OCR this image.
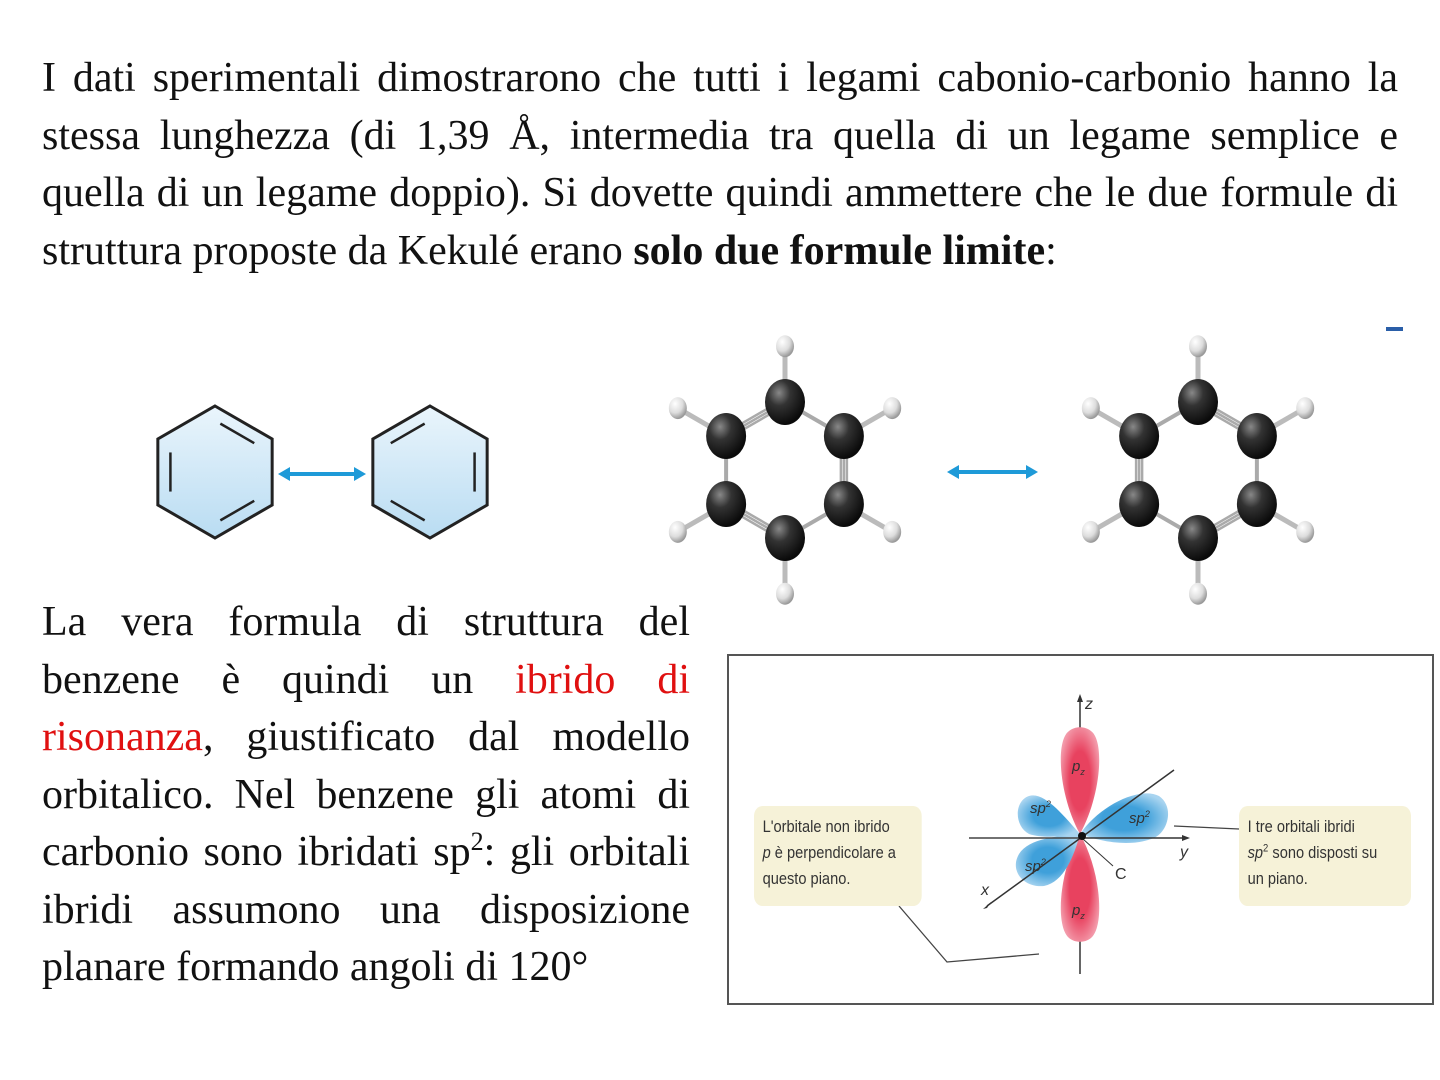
I dati sperimentali dimostrarono che tutti i legami cabonio-carbonio hanno la stessa lunghezza (di 1,39 Å, intermedia tra quella di un legame semplice e quella di un legame doppio). Si dovette quindi ammettere che le due formule di struttura proposte da Kekulé erano solo due formule limite:
La vera formula di struttura del benzene è quindi un ibrido di risonanza, giustificato dal modello orbitalico. Nel benzene gli atomi di carbonio sono ibridati $sp^2$: gli orbitali ibridi assumono una disposizione planare formando angoli di 120°
z
y
x
C
$p_z$
$p_z$
$sp^2$
$sp^2$
$sp^2$
L'orbitale non ibrido
p è perpendicolare a
questo piano.
I tre orbitali ibridi
$sp^2$ sono disposti su
un piano.
